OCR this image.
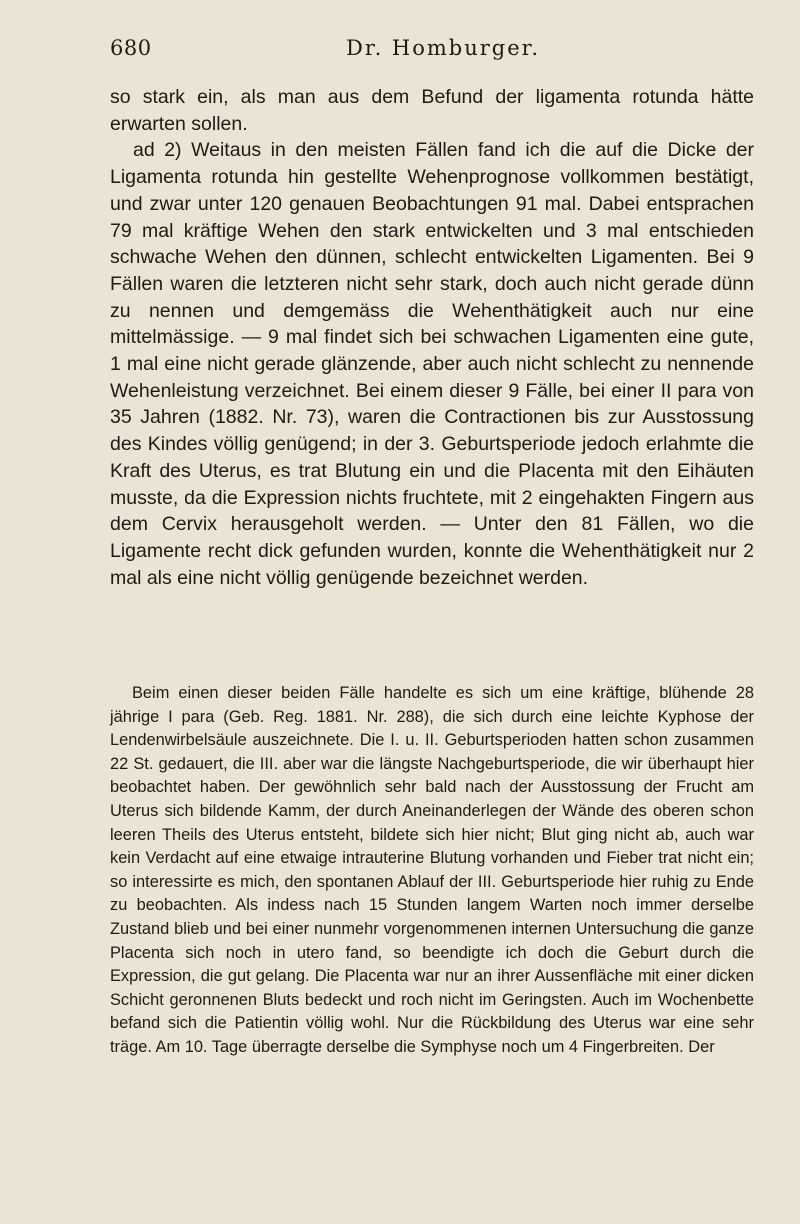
680	Dr. Homburger.
so stark ein, als man aus dem Befund der ligamenta rotunda hätte erwarten sollen.
ad 2) Weitaus in den meisten Fällen fand ich die auf die Dicke der Ligamenta rotunda hin gestellte Wehenprognose vollkommen bestätigt, und zwar unter 120 genauen Beobachtungen 91 mal. Dabei entsprachen 79 mal kräftige Wehen den stark entwickelten und 3 mal entschieden schwache Wehen den dünnen, schlecht entwickelten Ligamenten. Bei 9 Fällen waren die letzteren nicht sehr stark, doch auch nicht gerade dünn zu nennen und demgemäss die Wehenthätigkeit auch nur eine mittelmässige. — 9 mal findet sich bei schwachen Ligamenten eine gute, 1 mal eine nicht gerade glänzende, aber auch nicht schlecht zu nennende Wehenleistung verzeichnet. Bei einem dieser 9 Fälle, bei einer II para von 35 Jahren (1882. Nr. 73), waren die Contractionen bis zur Ausstossung des Kindes völlig genügend; in der 3. Geburtsperiode jedoch erlahmte die Kraft des Uterus, es trat Blutung ein und die Placenta mit den Eihäuten musste, da die Expression nichts fruchtete, mit 2 eingehakten Fingern aus dem Cervix herausgeholt werden. — Unter den 81 Fällen, wo die Ligamente recht dick gefunden wurden, konnte die Wehenthätigkeit nur 2 mal als eine nicht völlig genügende bezeichnet werden.

Beim einen dieser beiden Fälle handelte es sich um eine kräftige, blühende 28 jährige I para (Geb. Reg. 1881. Nr. 288), die sich durch eine leichte Kyphose der Lendenwirbelsäule auszeichnete. Die I. u. II. Geburtsperioden hatten schon zusammen 22 St. gedauert, die III. aber war die längste Nachgeburtsperiode, die wir überhaupt hier beobachtet haben. Der gewöhnlich sehr bald nach der Ausstossung der Frucht am Uterus sich bildende Kamm, der durch Aneinanderlegen der Wände des oberen schon leeren Theils des Uterus entsteht, bildete sich hier nicht; Blut ging nicht ab, auch war kein Verdacht auf eine etwaige intrauterine Blutung vorhanden und Fieber trat nicht ein; so interessirte es mich, den spontanen Ablauf der III. Geburtsperiode hier ruhig zu Ende zu beobachten. Als indess nach 15 Stunden langem Warten noch immer derselbe Zustand blieb und bei einer nunmehr vorgenommenen internen Untersuchung die ganze Placenta sich noch in utero fand, so beendigte ich doch die Geburt durch die Expression, die gut gelang. Die Placenta war nur an ihrer Aussenfläche mit einer dicken Schicht geronnenen Bluts bedeckt und roch nicht im Geringsten. Auch im Wochenbette befand sich die Patientin völlig wohl. Nur die Rückbildung des Uterus war eine sehr träge. Am 10. Tage überragte derselbe die Symphyse noch um 4 Fingerbreiten. Der
